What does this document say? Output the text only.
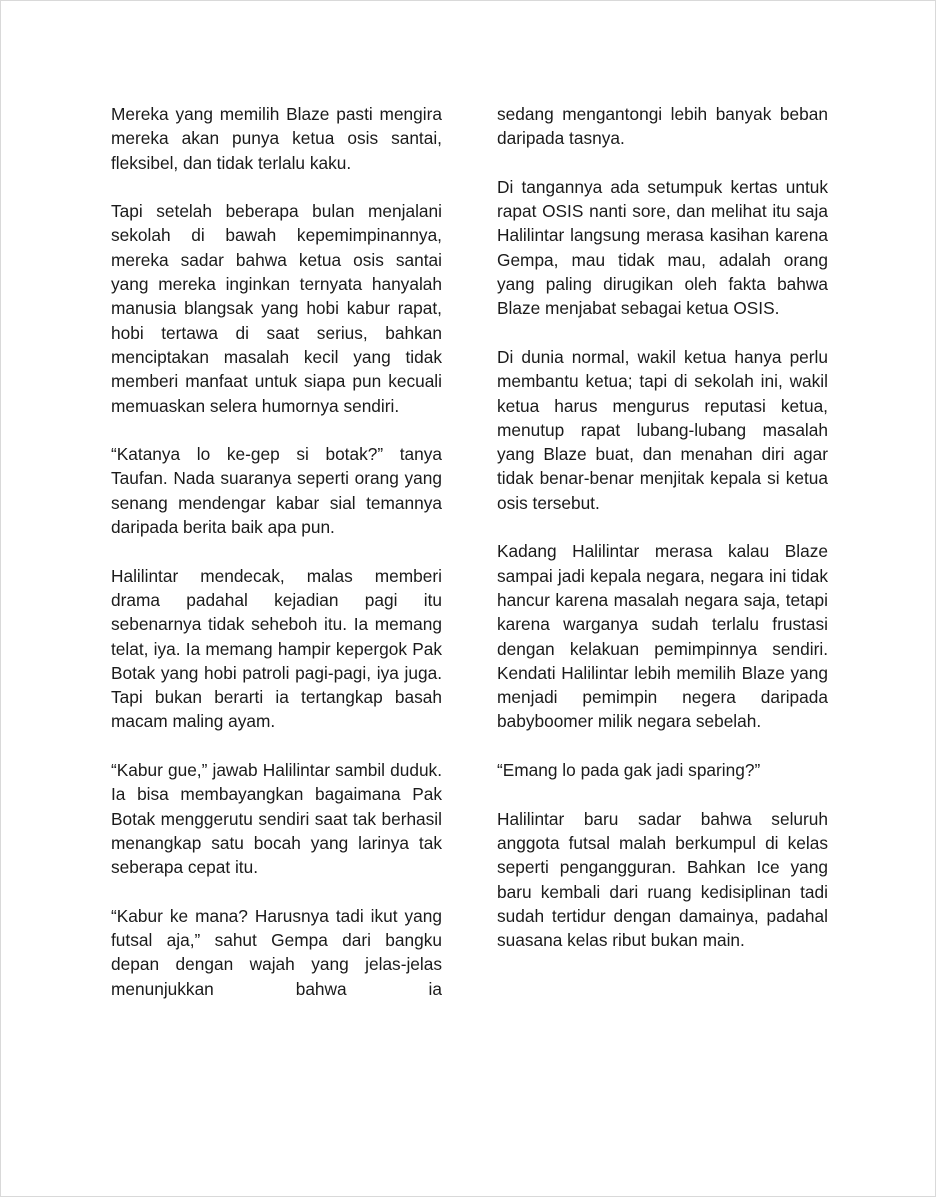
Mereka yang memilih Blaze pasti mengira mereka akan punya ketua osis santai, fleksibel, dan tidak terlalu kaku.

Tapi setelah beberapa bulan menjalani sekolah di bawah kepemimpinannya, mereka sadar bahwa ketua osis santai yang mereka inginkan ternyata hanyalah manusia blangsak yang hobi kabur rapat, hobi tertawa di saat serius, bahkan menciptakan masalah kecil yang tidak memberi manfaat untuk siapa pun kecuali memuaskan selera humornya sendiri.

“Katanya lo ke-gep si botak?” tanya Taufan. Nada suaranya seperti orang yang senang mendengar kabar sial temannya daripada berita baik apa pun.

Halilintar mendecak, malas memberi drama padahal kejadian pagi itu sebenarnya tidak seheboh itu. Ia memang telat, iya. Ia memang hampir kepergok Pak Botak yang hobi patroli pagi-pagi, iya juga. Tapi bukan berarti ia tertangkap basah macam maling ayam.

“Kabur gue,” jawab Halilintar sambil duduk. Ia bisa membayangkan bagaimana Pak Botak menggerutu sendiri saat tak berhasil menangkap satu bocah yang larinya tak seberapa cepat itu.

“Kabur ke mana? Harusnya tadi ikut yang futsal aja,” sahut Gempa dari bangku depan dengan wajah yang jelas-jelas menunjukkan bahwa ia

sedang mengantongi lebih banyak beban daripada tasnya.

Di tangannya ada setumpuk kertas untuk rapat OSIS nanti sore, dan melihat itu saja Halilintar langsung merasa kasihan karena Gempa, mau tidak mau, adalah orang yang paling dirugikan oleh fakta bahwa Blaze menjabat sebagai ketua OSIS.

Di dunia normal, wakil ketua hanya perlu membantu ketua; tapi di sekolah ini, wakil ketua harus mengurus reputasi ketua, menutup rapat lubang-lubang masalah yang Blaze buat, dan menahan diri agar tidak benar-benar menjitak kepala si ketua osis tersebut.

Kadang Halilintar merasa kalau Blaze sampai jadi kepala negara, negara ini tidak hancur karena masalah negara saja, tetapi karena warganya sudah terlalu frustasi dengan kelakuan pemimpinnya sendiri. Kendati Halilintar lebih memilih Blaze yang menjadi pemimpin negera daripada babyboomer milik negara sebelah.

“Emang lo pada gak jadi sparing?”

Halilintar baru sadar bahwa seluruh anggota futsal malah berkumpul di kelas seperti pengangguran. Bahkan Ice yang baru kembali dari ruang kedisiplinan tadi sudah tertidur dengan damainya, padahal suasana kelas ribut bukan main.
